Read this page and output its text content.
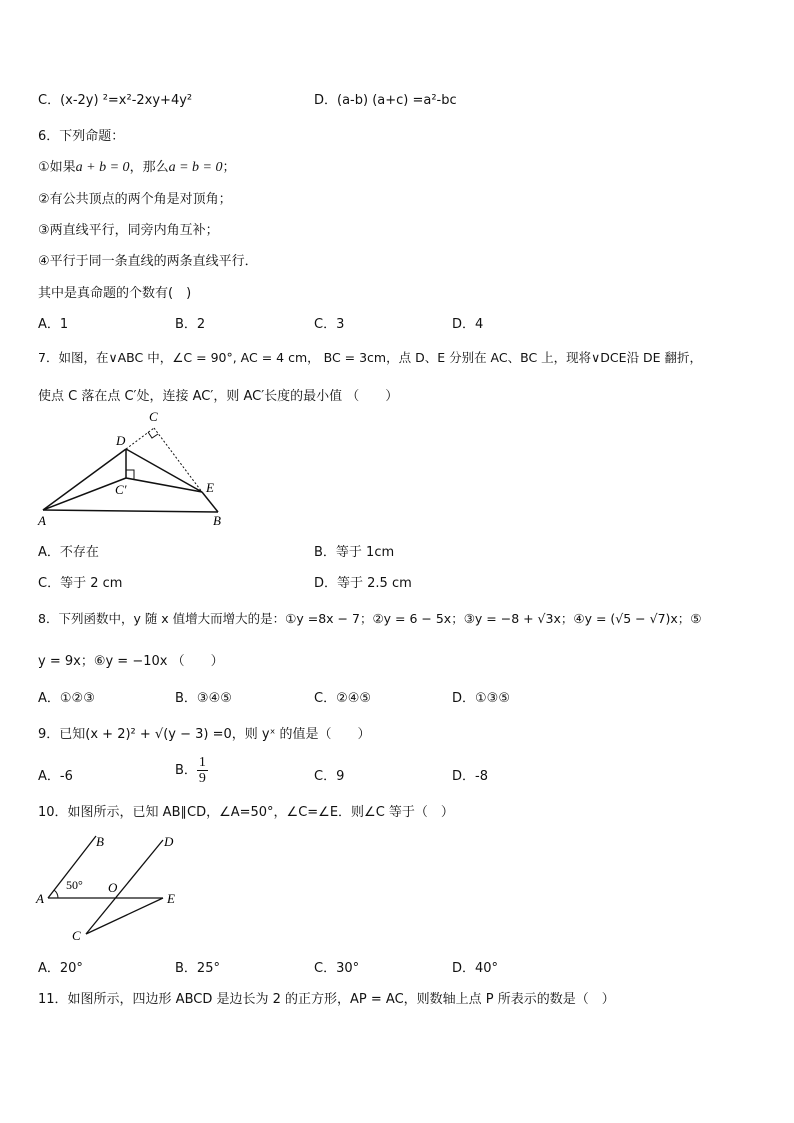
C．(x-2y) ²=x²-2xy+4y²	D．(a-b) (a+c) =a²-bc
6．下列命题：
①如果a + b = 0，那么a = b = 0；
②有公共顶点的两个角是对顶角；
③两直线平行，同旁内角互补；
④平行于同一条直线的两条直线平行．
其中是真命题的个数有(　)
A．1	B．2	C．3	D．4
7．如图，在∨ABC 中，∠C = 90°, AC = 4 cm， BC = 3cm，点 D、E 分别在 AC、BC 上，现将∨DCE沿 DE 翻折，
使点 C 落在点 C′处，连接 AC′，则 AC′长度的最小值 （　　）
A	B
C
D
E
C′
A．不存在	B．等于 1cm
C．等于 2 cm	D．等于 2.5 cm
8．下列函数中，y 随 x 值增大而增大的是：①y =8x − 7；②y = 6 − 5x；③y = −8 + √3x；④y = (√5 − √7)x；⑤
y = 9x；⑥y = −10x （　　）
A．①②③	B．③④⑤	C．②④⑤	D．①③⑤
9．已知(x + 2)² + √(y − 3) =0，则 yˣ 的值是（　　）
A．-6	B． $\frac{1}{9}$	C．9	D．-8
10．如图所示，已知 AB∥CD，∠A=50°，∠C=∠E．则∠C 等于（　）
B	D
A	E
O
C
50°
A．20°	B．25°	C．30°	D．40°
11．如图所示，四边形 ABCD 是边长为 2 的正方形，AP = AC，则数轴上点 P 所表示的数是（　）
